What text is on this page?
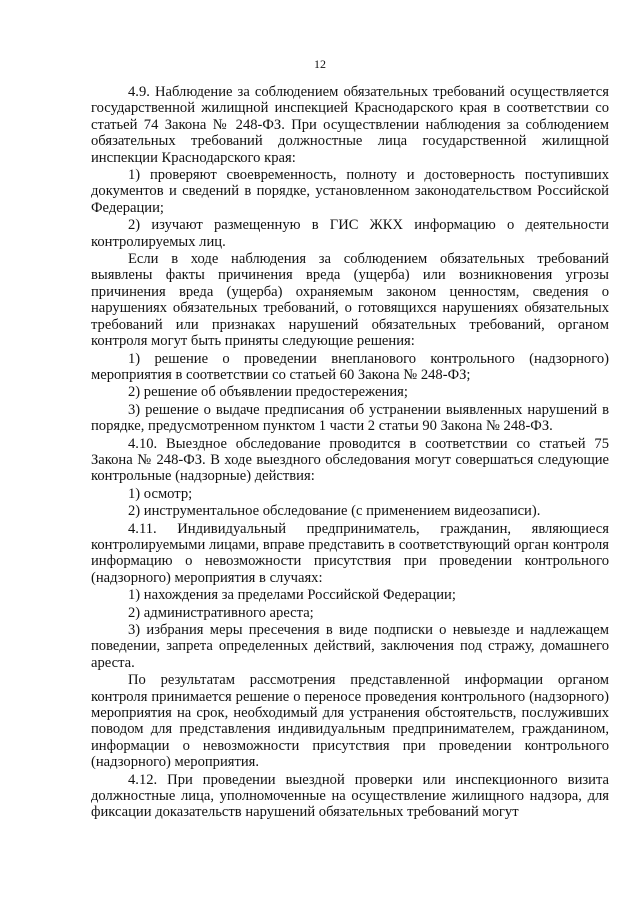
12

4.9. Наблюдение за соблюдением обязательных требований осуществляется государственной жилищной инспекцией Краснодарского края в соответствии со статьей 74 Закона № 248-ФЗ. При осуществлении наблюдения за соблюдением обязательных требований должностные лица государственной жилищной инспекции Краснодарского края:

1) проверяют своевременность, полноту и достоверность поступивших документов и сведений в порядке, установленном законодательством Российской Федерации;

2) изучают размещенную в ГИС ЖКХ информацию о деятельности контролируемых лиц.

Если в ходе наблюдения за соблюдением обязательных требований выявлены факты причинения вреда (ущерба) или возникновения угрозы причинения вреда (ущерба) охраняемым законом ценностям, сведения о нарушениях обязательных требований, о готовящихся нарушениях обязательных требований или признаках нарушений обязательных требований, органом контроля могут быть приняты следующие решения:

1) решение о проведении внепланового контрольного (надзорного) мероприятия в соответствии со статьей 60 Закона № 248-ФЗ;

2) решение об объявлении предостережения;

3) решение о выдаче предписания об устранении выявленных нарушений в порядке, предусмотренном пунктом 1 части 2 статьи 90 Закона № 248-ФЗ.

4.10. Выездное обследование проводится в соответствии со статьей 75 Закона № 248-ФЗ. В ходе выездного обследования могут совершаться следующие контрольные (надзорные) действия:

1) осмотр;

2) инструментальное обследование (с применением видеозаписи).

4.11. Индивидуальный предприниматель, гражданин, являющиеся контролируемыми лицами, вправе представить в соответствующий орган контроля информацию о невозможности присутствия при проведении контрольного (надзорного) мероприятия в случаях:

1) нахождения за пределами Российской Федерации;

2) административного ареста;

3) избрания меры пресечения в виде подписки о невыезде и надлежащем поведении, запрета определенных действий, заключения под стражу, домашнего ареста.

По результатам рассмотрения представленной информации органом контроля принимается решение о переносе проведения контрольного (надзорного) мероприятия на срок, необходимый для устранения обстоятельств, послуживших поводом для представления индивидуальным предпринимателем, гражданином, информации о невозможности присутствия при проведении контрольного (надзорного) мероприятия.

4.12. При проведении выездной проверки или инспекционного визита должностные лица, уполномоченные на осуществление жилищного надзора, для фиксации доказательств нарушений обязательных требований могут
